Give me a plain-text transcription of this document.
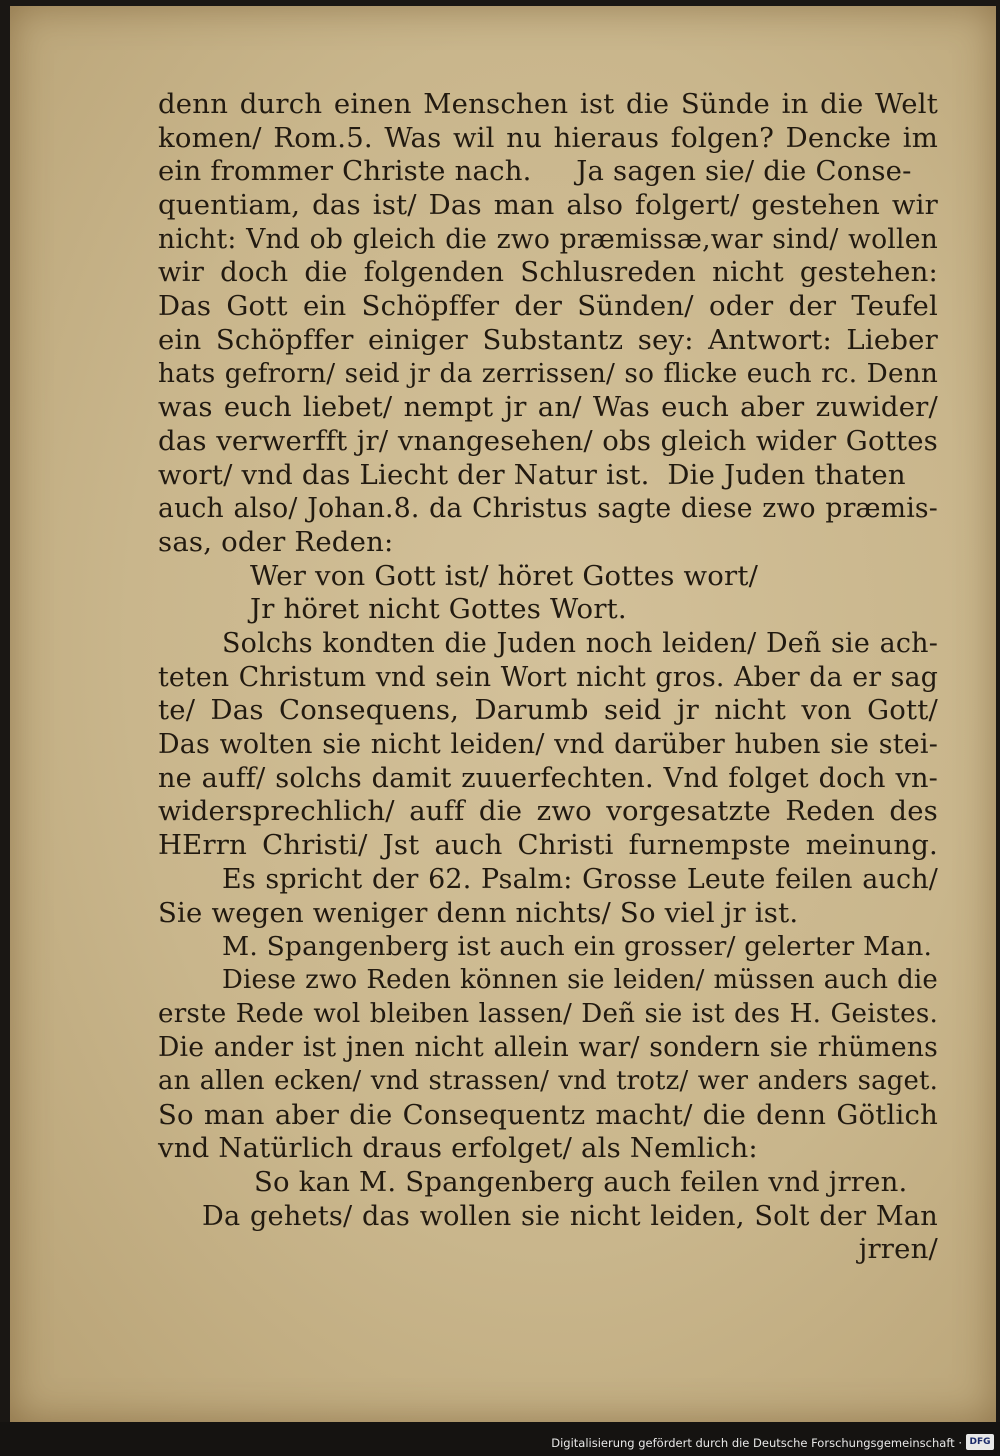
denn durch einen Menschen ist die Sünde in die Welt
komen/ Rom.5. Was wil nu hieraus folgen? Dencke im
ein frommer Christe nach.     Ja sagen sie/ die Conse-
quentiam, das ist/ Das man also folgert/ gestehen wir
nicht: Vnd ob gleich die zwo præmissæ,war sind/ wollen
wir doch die folgenden Schlusreden nicht gestehen:
Das Gott ein Schöpffer der Sünden/ oder der Teufel
ein Schöpffer einiger Substantz sey: Antwort: Lieber
hats gefrorn/ seid jr da zerrissen/ so flicke euch rc. Denn
was euch liebet/ nempt jr an/ Was euch aber zuwider/
das verwerfft jr/ vnangesehen/ obs gleich wider Gottes
wort/ vnd das Liecht der Natur ist.  Die Juden thaten
auch also/ Johan.8. da Christus sagte diese zwo præmis-
sas, oder Reden:
Wer von Gott ist/ höret Gottes wort/
Jr höret nicht Gottes Wort.
Solchs kondten die Juden noch leiden/ Deñ sie ach-
teten Christum vnd sein Wort nicht gros. Aber da er sag
te/ Das Consequens, Darumb seid jr nicht von Gott/
Das wolten sie nicht leiden/ vnd darüber huben sie stei-
ne auff/ solchs damit zuuerfechten. Vnd folget doch vn-
widersprechlich/ auff die zwo vorgesatzte Reden des
HErrn Christi/ Jst auch Christi furnempste meinung.
Es spricht der 62. Psalm: Grosse Leute feilen auch/
Sie wegen weniger denn nichts/ So viel jr ist.
M. Spangenberg ist auch ein grosser/ gelerter Man.
Diese zwo Reden können sie leiden/ müssen auch die
erste Rede wol bleiben lassen/ Deñ sie ist des H. Geistes.
Die ander ist jnen nicht allein war/ sondern sie rhümens
an allen ecken/ vnd strassen/ vnd trotz/ wer anders saget.
So man aber die Consequentz macht/ die denn Götlich
vnd Natürlich draus erfolget/ als Nemlich:
So kan M. Spangenberg auch feilen vnd jrren.
Da gehets/ das wollen sie nicht leiden, Solt der Man
jrren/
Digitalisierung gefördert durch die Deutsche Forschungsgemeinschaft · DFG
